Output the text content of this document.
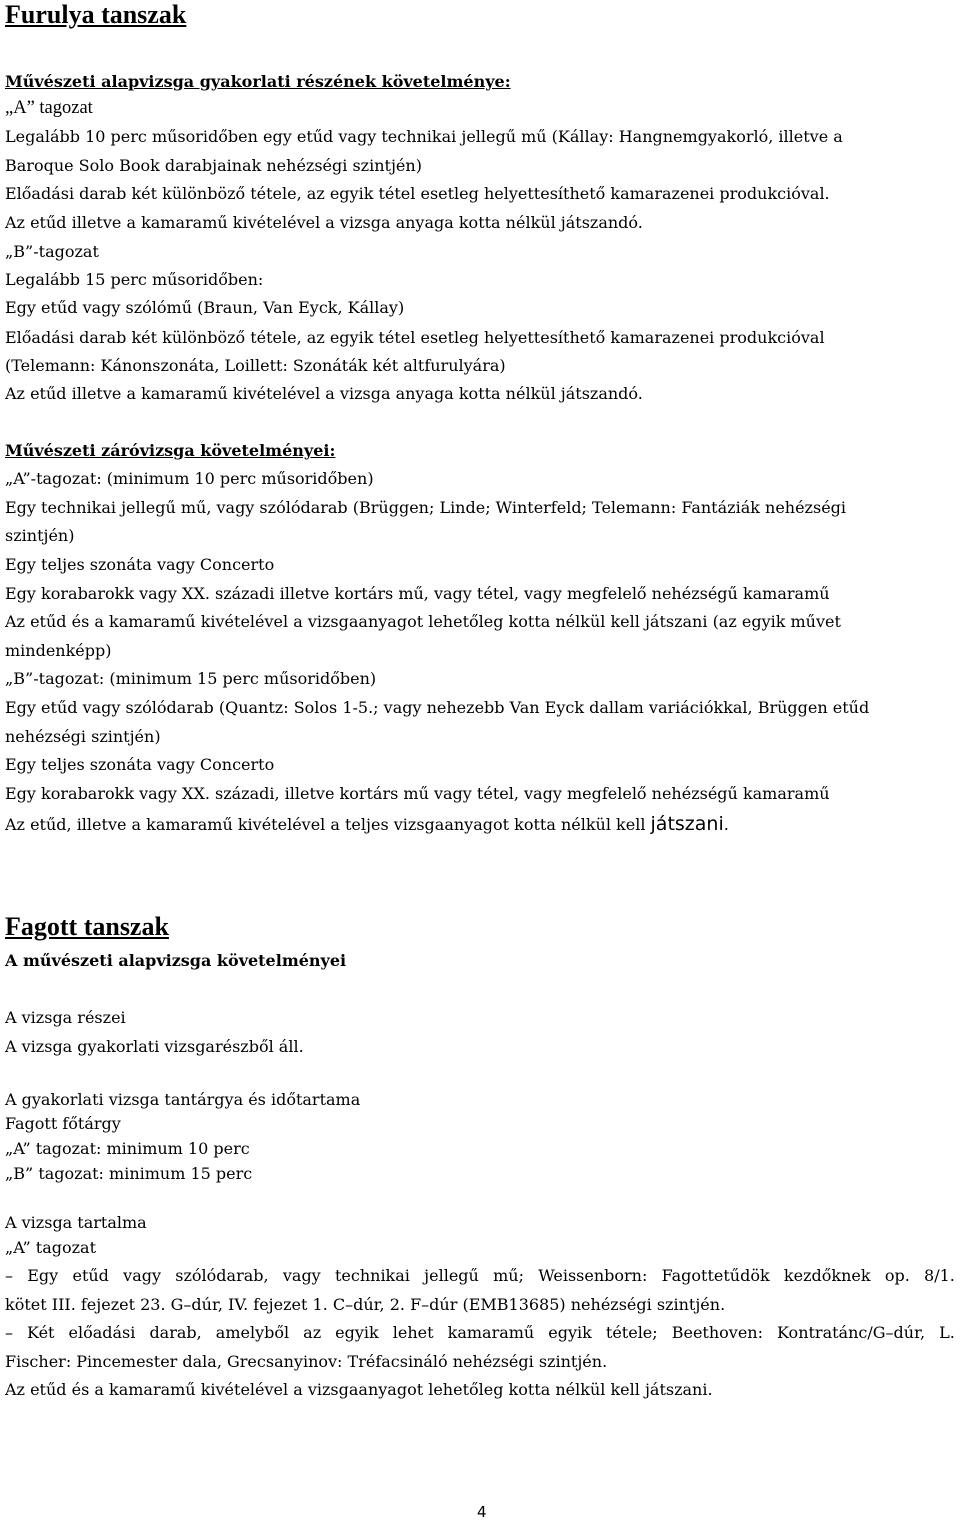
Furulya tanszak
Művészeti alapvizsga gyakorlati részének követelménye:
„A” tagozat
Legalább 10 perc műsoridőben egy etűd vagy technikai jellegű mű (Kállay: Hangnemgyakorló, illetve a
Baroque Solo Book darabjainak nehézségi szintjén)
Előadási darab két különböző tétele, az egyik tétel esetleg helyettesíthető kamarazenei produkcióval.
Az etűd illetve a kamaramű kivételével a vizsga anyaga kotta nélkül játszandó.
„B”-tagozat
Legalább 15 perc műsoridőben:
Egy etűd vagy szólómű (Braun, Van Eyck, Kállay)
Előadási darab két különböző tétele, az egyik tétel esetleg helyettesíthető kamarazenei produkcióval
(Telemann: Kánonszonáta, Loillett: Szonáták két altfurulyára)
Az etűd illetve a kamaramű kivételével a vizsga anyaga kotta nélkül játszandó.
Művészeti záróvizsga követelményei:
„A”-tagozat: (minimum 10 perc műsoridőben)
Egy technikai jellegű mű, vagy szólódarab (Brüggen; Linde; Winterfeld; Telemann: Fantáziák nehézségi
szintjén)
Egy teljes szonáta vagy Concerto
Egy korabarokk vagy XX. századi illetve kortárs mű, vagy tétel, vagy megfelelő nehézségű kamaramű
Az etűd és a kamaramű kivételével a vizsgaanyagot lehetőleg kotta nélkül kell játszani (az egyik művet
mindenképp)
„B”-tagozat: (minimum 15 perc műsoridőben)
Egy etűd vagy szólódarab (Quantz: Solos 1-5.; vagy nehezebb Van Eyck dallam variációkkal, Brüggen etűd
nehézségi szintjén)
Egy teljes szonáta vagy Concerto
Egy korabarokk vagy XX. századi, illetve kortárs mű vagy tétel, vagy megfelelő nehézségű kamaramű
Az etűd, illetve a kamaramű kivételével a teljes vizsgaanyagot kotta nélkül kell játszani.
Fagott tanszak
A művészeti alapvizsga követelményei
A vizsga részei
A vizsga gyakorlati vizsgarészből áll.
A gyakorlati vizsga tantárgya és időtartama
Fagott főtárgy
„A” tagozat: minimum 10 perc
„B” tagozat: minimum 15 perc
A vizsga tartalma
„A” tagozat
– Egy etűd vagy szólódarab, vagy technikai jellegű mű; Weissenborn: Fagottetűdök kezdőknek op. 8/1.
kötet III. fejezet 23. G–dúr, IV. fejezet 1. C–dúr, 2. F–dúr (EMB13685) nehézségi szintjén.
– Két előadási darab, amelyből az egyik lehet kamaramű egyik tétele; Beethoven: Kontratánc/G–dúr, L.
Fischer: Pincemester dala, Grecsanyinov: Tréfacsináló nehézségi szintjén.
Az etűd és a kamaramű kivételével a vizsgaanyagot lehetőleg kotta nélkül kell játszani.
4
